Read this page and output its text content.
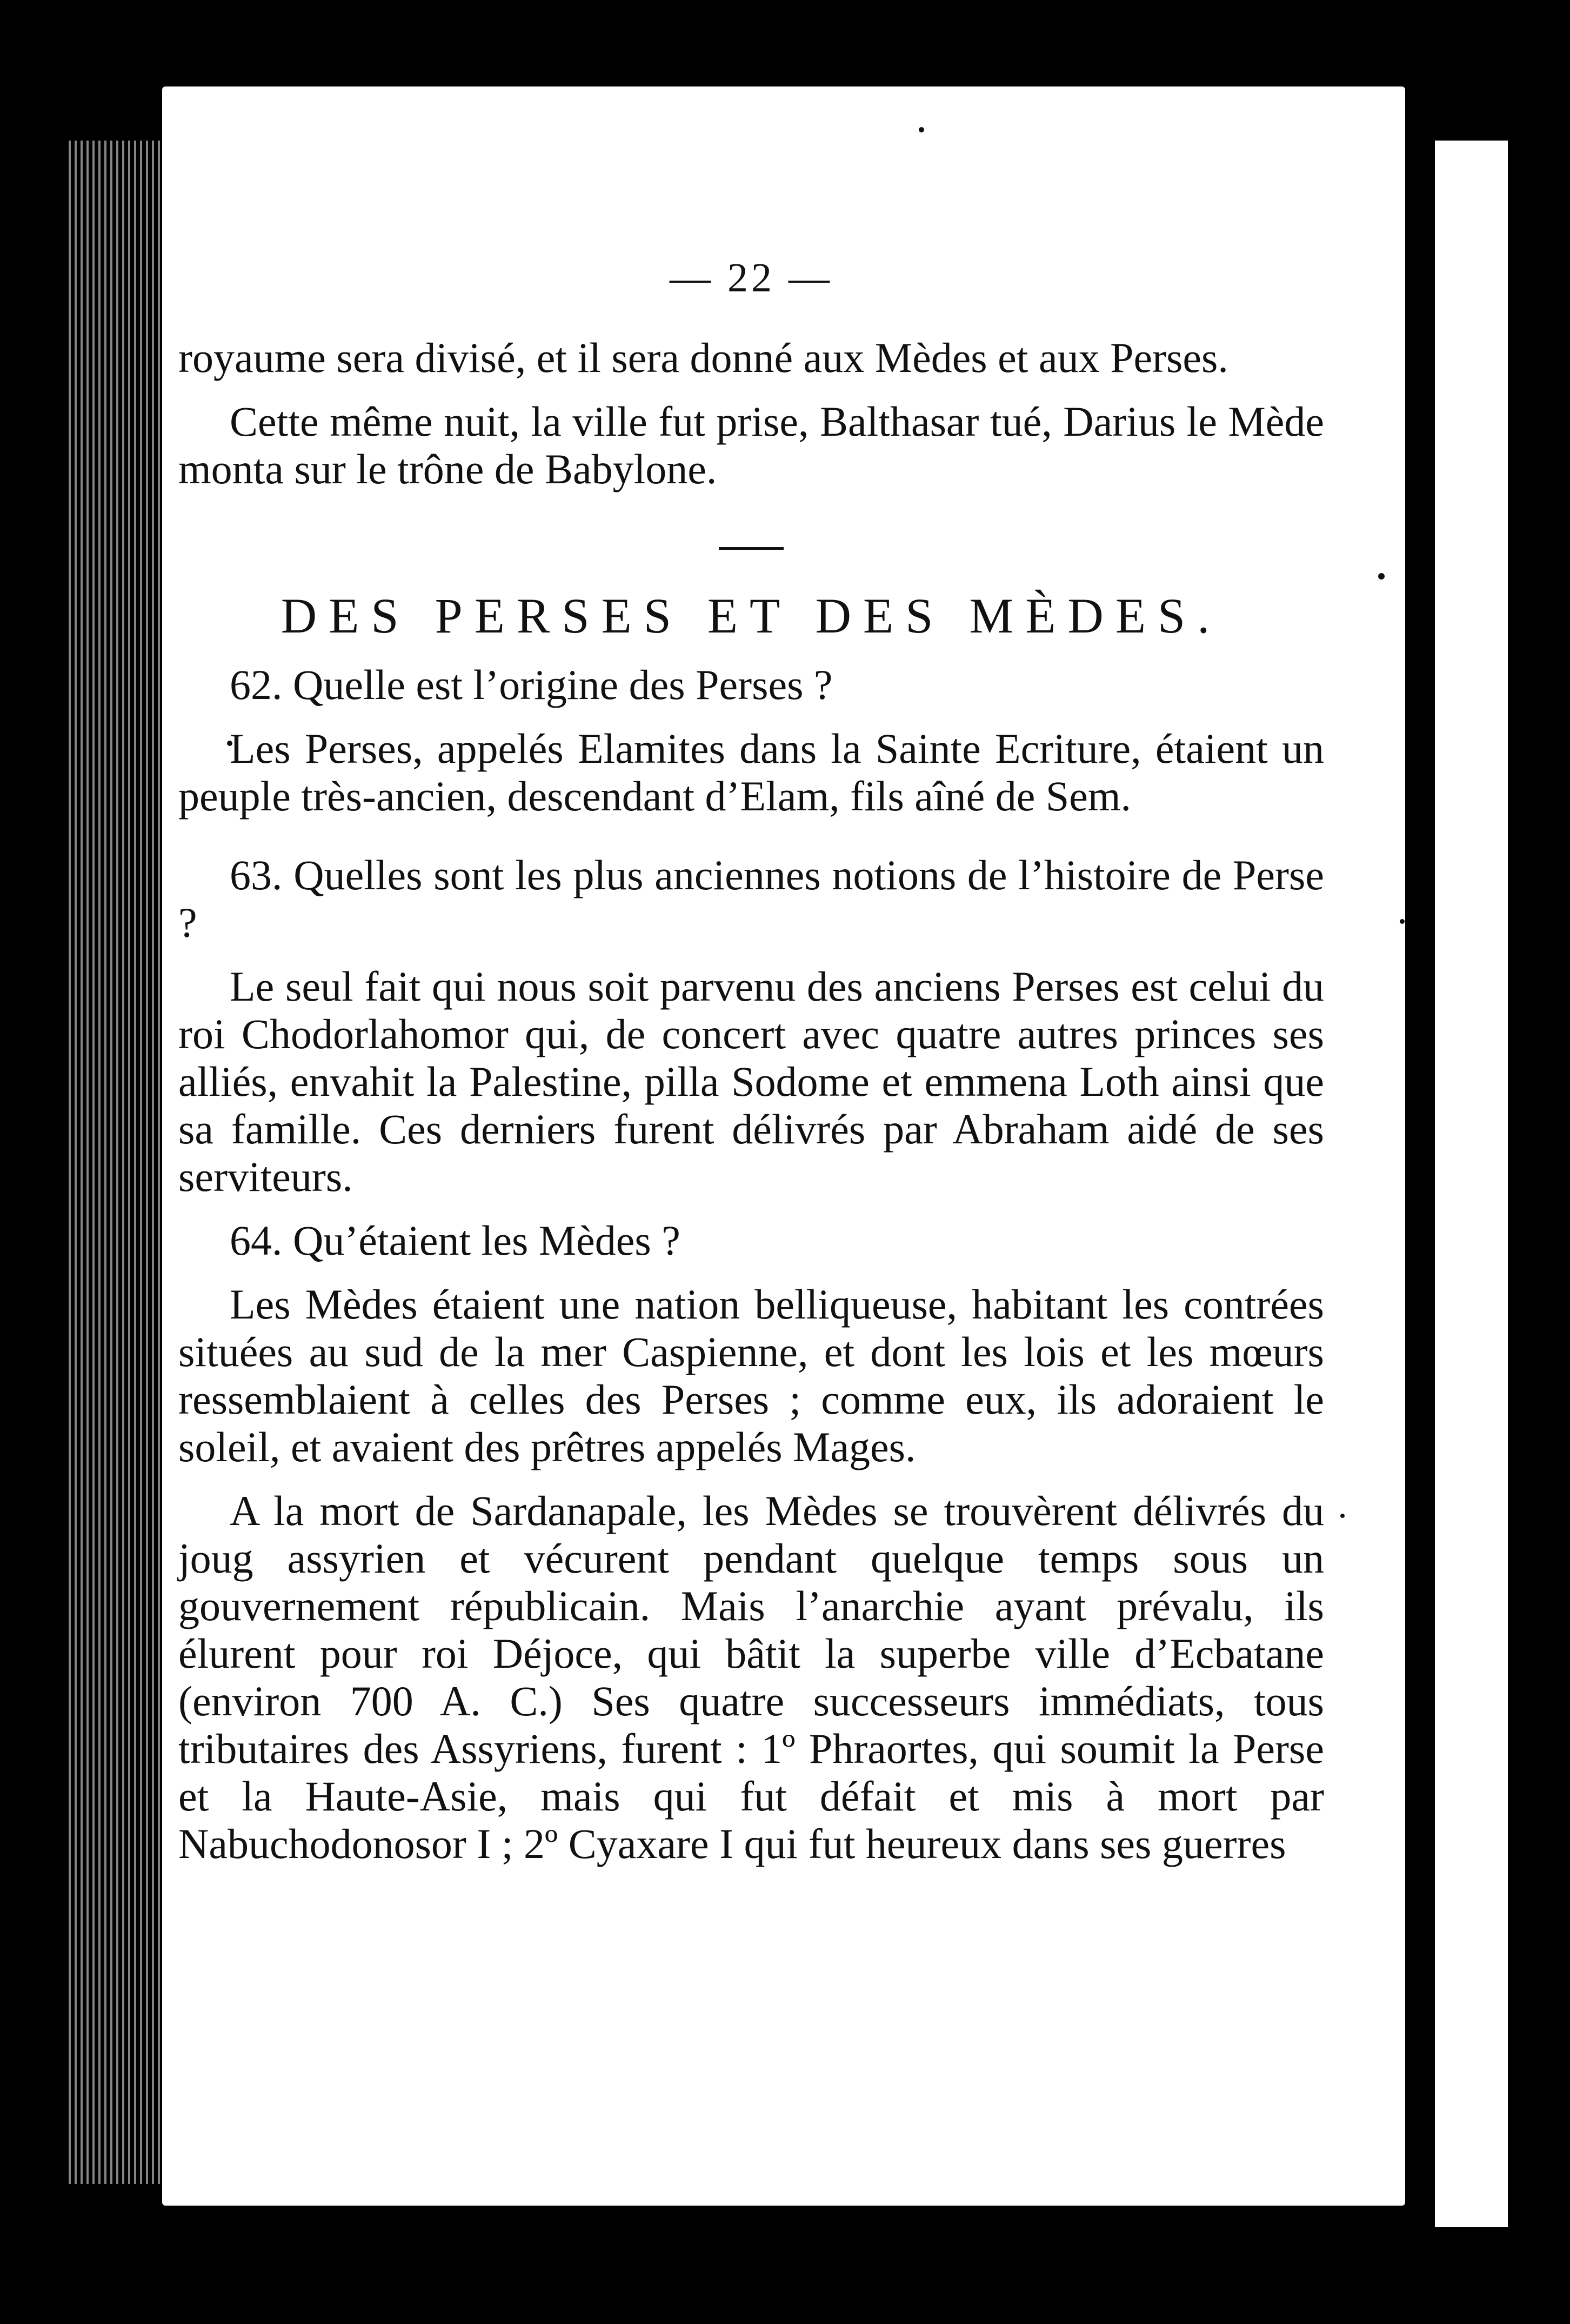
— 22 —

royaume sera divisé, et il sera donné aux Mèdes et aux Perses.

Cette même nuit, la ville fut prise, Balthasar tué, Darius le Mède monta sur le trône de Babylone.

DES PERSES ET DES MÈDES.

62. Quelle est l’origine des Perses ?

Les Perses, appelés Elamites dans la Sainte Ecriture, étaient un peuple très-ancien, descendant d’Elam, fils aîné de Sem.

63. Quelles sont les plus anciennes notions de l’histoire de Perse ?

Le seul fait qui nous soit parvenu des anciens Perses est celui du roi Chodorlahomor qui, de concert avec quatre autres princes ses alliés, envahit la Palestine, pilla Sodome et emmena Loth ainsi que sa famille. Ces derniers furent délivrés par Abraham aidé de ses serviteurs.

64. Qu’étaient les Mèdes ?

Les Mèdes étaient une nation belliqueuse, habitant les contrées situées au sud de la mer Caspienne, et dont les lois et les mœurs ressemblaient à celles des Perses ; comme eux, ils adoraient le soleil, et avaient des prêtres appelés Mages.

A la mort de Sardanapale, les Mèdes se trouvèrent délivrés du joug assyrien et vécurent pendant quelque temps sous un gouvernement républicain. Mais l’anarchie ayant prévalu, ils élurent pour roi Déjoce, qui bâtit la superbe ville d’Ecbatane (environ 700 A. C.) Ses quatre successeurs immédiats, tous tributaires des Assyriens, furent : 1º Phraortes, qui soumit la Perse et la Haute-Asie, mais qui fut défait et mis à mort par Nabuchodonosor I ; 2º Cyaxare I qui fut heureux dans ses guerres
